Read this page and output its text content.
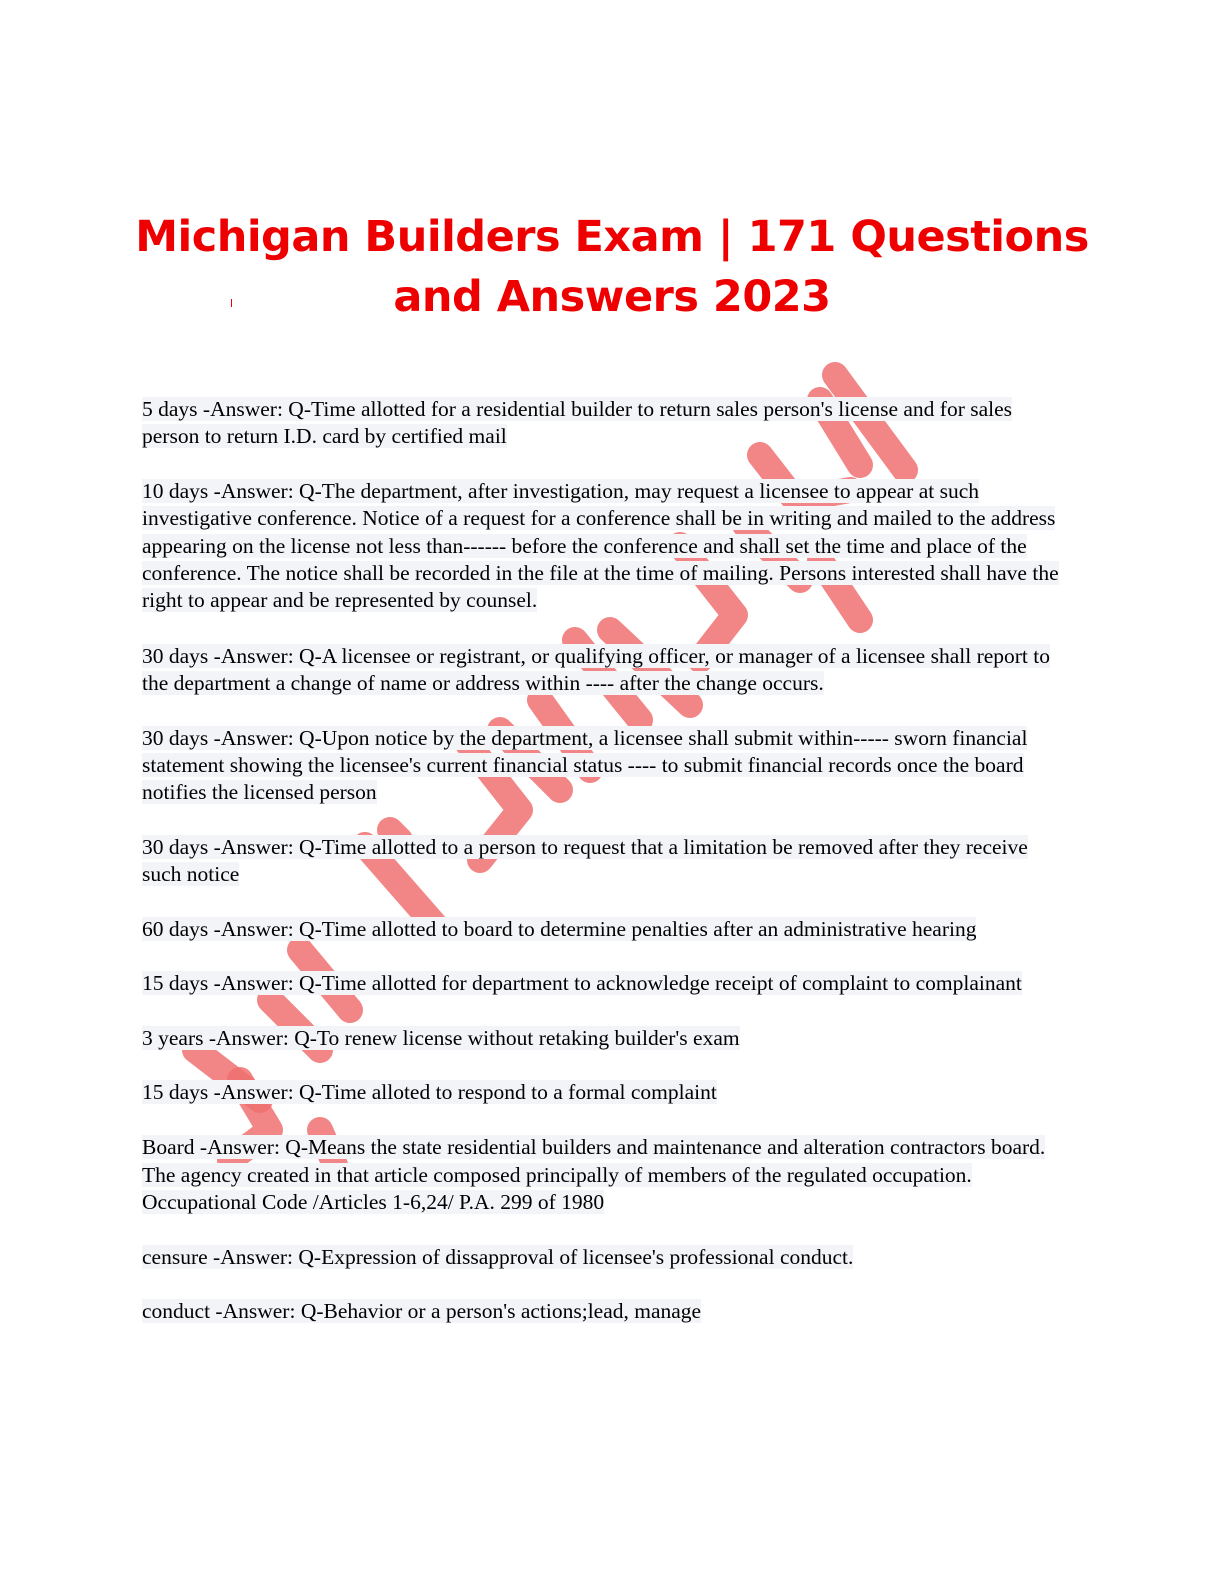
Michigan Builders Exam | 171 Questions
and Answers 2023

5 days -Answer: Q-Time allotted for a residential builder to return sales person's license and for sales person to return I.D. card by certified mail

10 days -Answer: Q-The department, after investigation, may request a licensee to appear at such investigative conference. Notice of a request for a conference shall be in writing and mailed to the address appearing on the license not less than------ before the conference and shall set the time and place of the conference. The notice shall be recorded in the file at the time of mailing. Persons interested shall have the right to appear and be represented by counsel.

30 days -Answer: Q-A licensee or registrant, or qualifying officer, or manager of a licensee shall report to the department a change of name or address within ---- after the change occurs.

30 days -Answer: Q-Upon notice by the department, a licensee shall submit within----- sworn financial statement showing the licensee's current financial status ---- to submit financial records once the board notifies the licensed person

30 days -Answer: Q-Time allotted to a person to request that a limitation be removed after they receive such notice

60 days -Answer: Q-Time allotted to board to determine penalties after an administrative hearing

15 days -Answer: Q-Time allotted for department to acknowledge receipt of complaint to complainant

3 years -Answer: Q-To renew license without retaking builder's exam

15 days -Answer: Q-Time alloted to respond to a formal complaint

Board -Answer: Q-Means the state residential builders and maintenance and alteration contractors board. The agency created in that article composed principally of members of the regulated occupation. Occupational Code /Articles 1-6,24/ P.A. 299 of 1980

censure -Answer: Q-Expression of dissapproval of licensee's professional conduct.

conduct -Answer: Q-Behavior or a person's actions;lead, manage
